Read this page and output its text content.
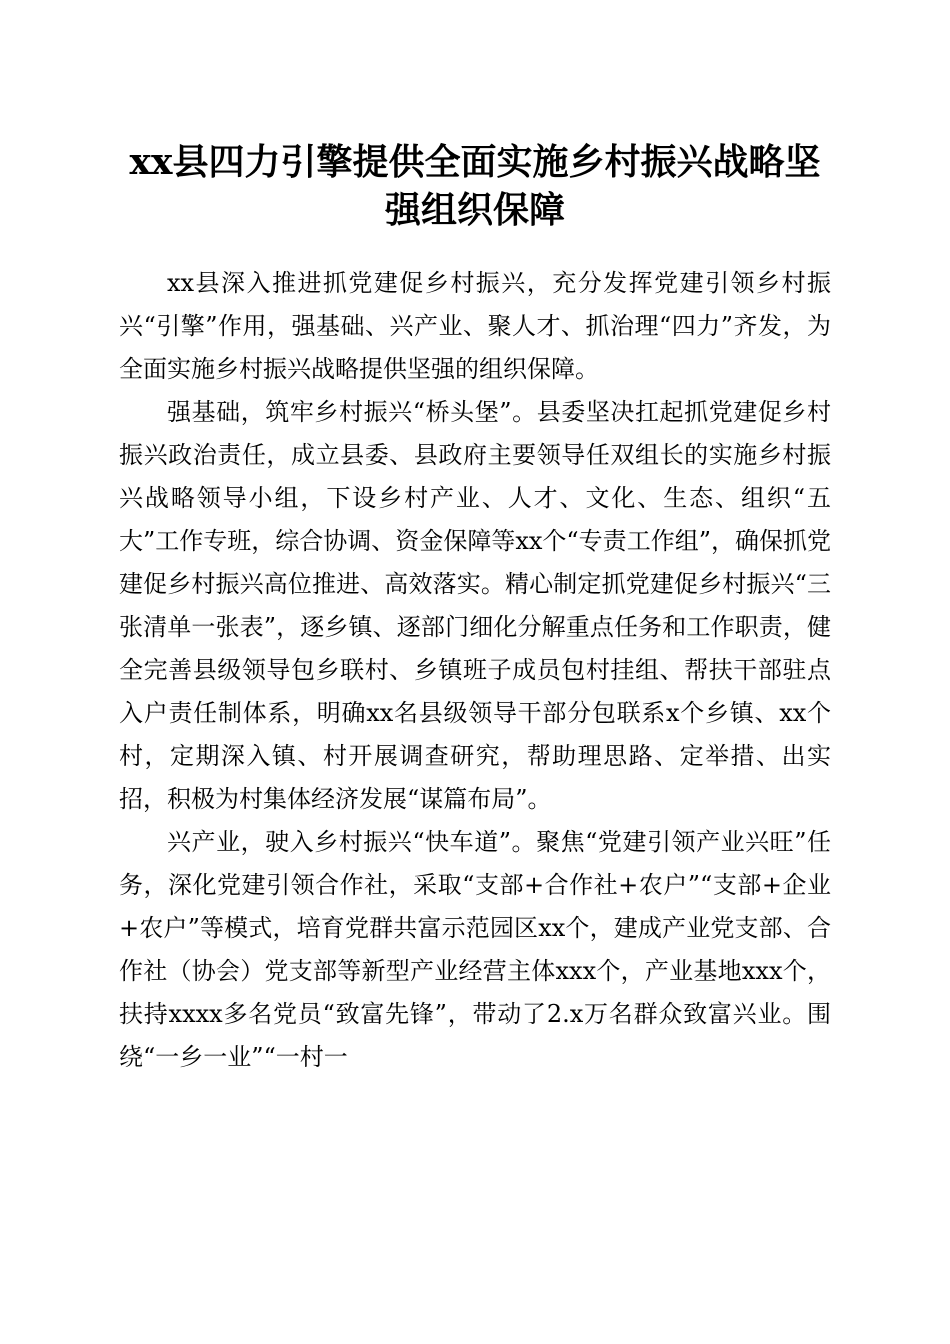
xx县四力引擎提供全面实施乡村振兴战略坚
强组织保障

xx县深入推进抓党建促乡村振兴，充分发挥党建引领乡村振兴“引擎”作用，强基础、兴产业、聚人才、抓治理“四力”齐发，为全面实施乡村振兴战略提供坚强的组织保障。

强基础，筑牢乡村振兴“桥头堡”。县委坚决扛起抓党建促乡村振兴政治责任，成立县委、县政府主要领导任双组长的实施乡村振兴战略领导小组，下设乡村产业、人才、文化、生态、组织“五大”工作专班，综合协调、资金保障等xx个“专责工作组”，确保抓党建促乡村振兴高位推进、高效落实。精心制定抓党建促乡村振兴“三张清单一张表”，逐乡镇、逐部门细化分解重点任务和工作职责，健全完善县级领导包乡联村、乡镇班子成员包村挂组、帮扶干部驻点入户责任制体系，明确xx名县级领导干部分包联系x个乡镇、xx个村，定期深入镇、村开展调查研究，帮助理思路、定举措、出实招，积极为村集体经济发展“谋篇布局”。

兴产业，驶入乡村振兴“快车道”。聚焦“党建引领产业兴旺”任务，深化党建引领合作社，采取“支部+合作社+农户”“支部+企业+农户”等模式，培育党群共富示范园区xx个，建成产业党支部、合作社（协会）党支部等新型产业经营主体xxx个，产业基地xxx个，扶持xxxx多名党员“致富先锋”，带动了2.x万名群众致富兴业。围绕“一乡一业”“一村一
